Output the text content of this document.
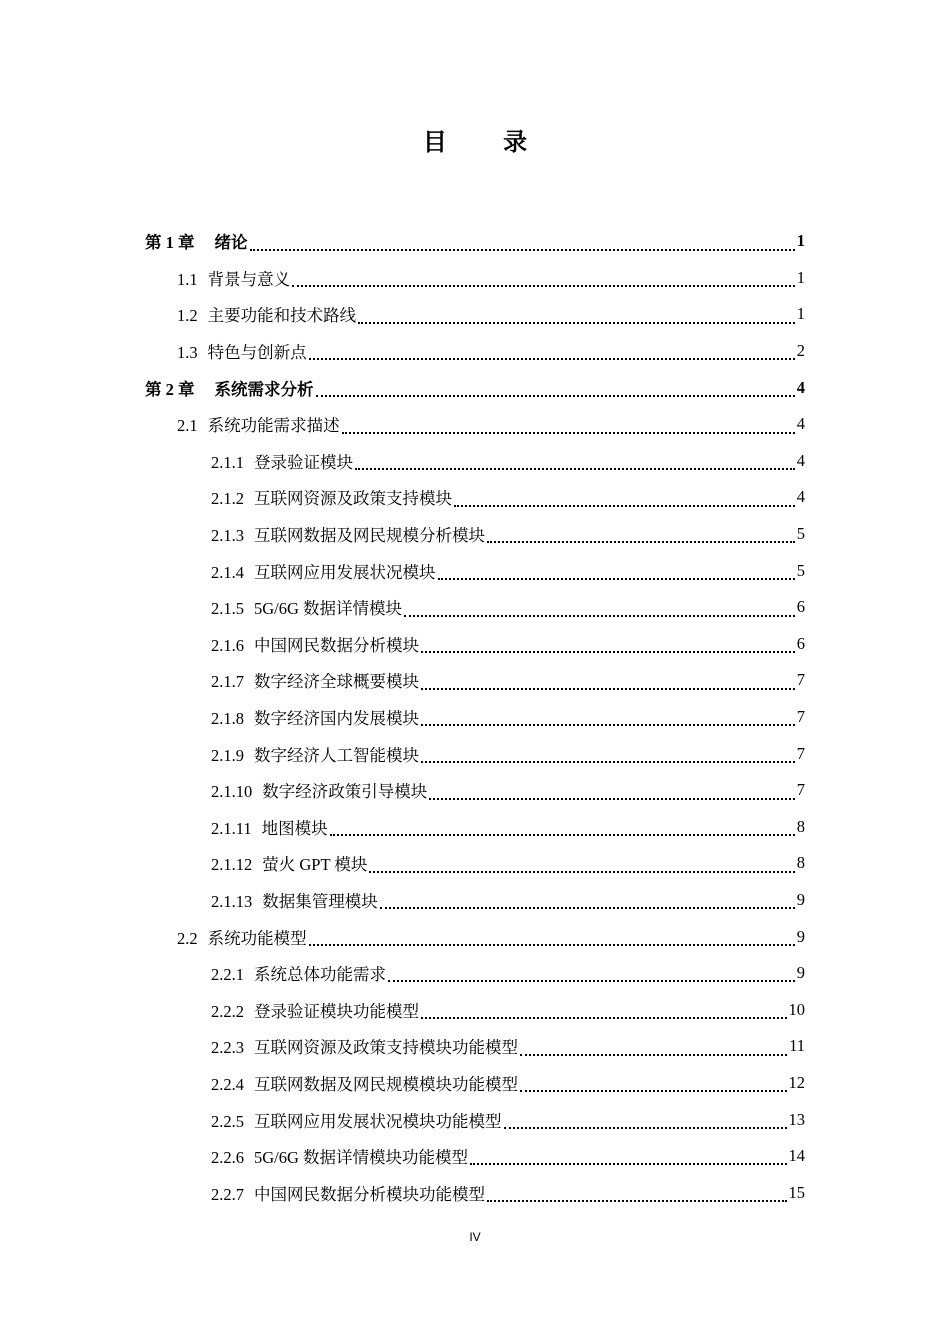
目 录
第 1 章 绪论	1
1.1 背景与意义	1
1.2 主要功能和技术路线	1
1.3 特色与创新点	2
第 2 章 系统需求分析	4
2.1 系统功能需求描述	4
2.1.1 登录验证模块	4
2.1.2 互联网资源及政策支持模块	4
2.1.3 互联网数据及网民规模分析模块	5
2.1.4 互联网应用发展状况模块	5
2.1.5 5G/6G 数据详情模块	6
2.1.6 中国网民数据分析模块	6
2.1.7 数字经济全球概要模块	7
2.1.8 数字经济国内发展模块	7
2.1.9 数字经济人工智能模块	7
2.1.10 数字经济政策引导模块	7
2.1.11 地图模块	8
2.1.12 萤火 GPT 模块	8
2.1.13 数据集管理模块	9
2.2 系统功能模型	9
2.2.1 系统总体功能需求	9
2.2.2 登录验证模块功能模型	10
2.2.3 互联网资源及政策支持模块功能模型	11
2.2.4 互联网数据及网民规模模块功能模型	12
2.2.5 互联网应用发展状况模块功能模型	13
2.2.6 5G/6G 数据详情模块功能模型	14
2.2.7 中国网民数据分析模块功能模型	15
IV
